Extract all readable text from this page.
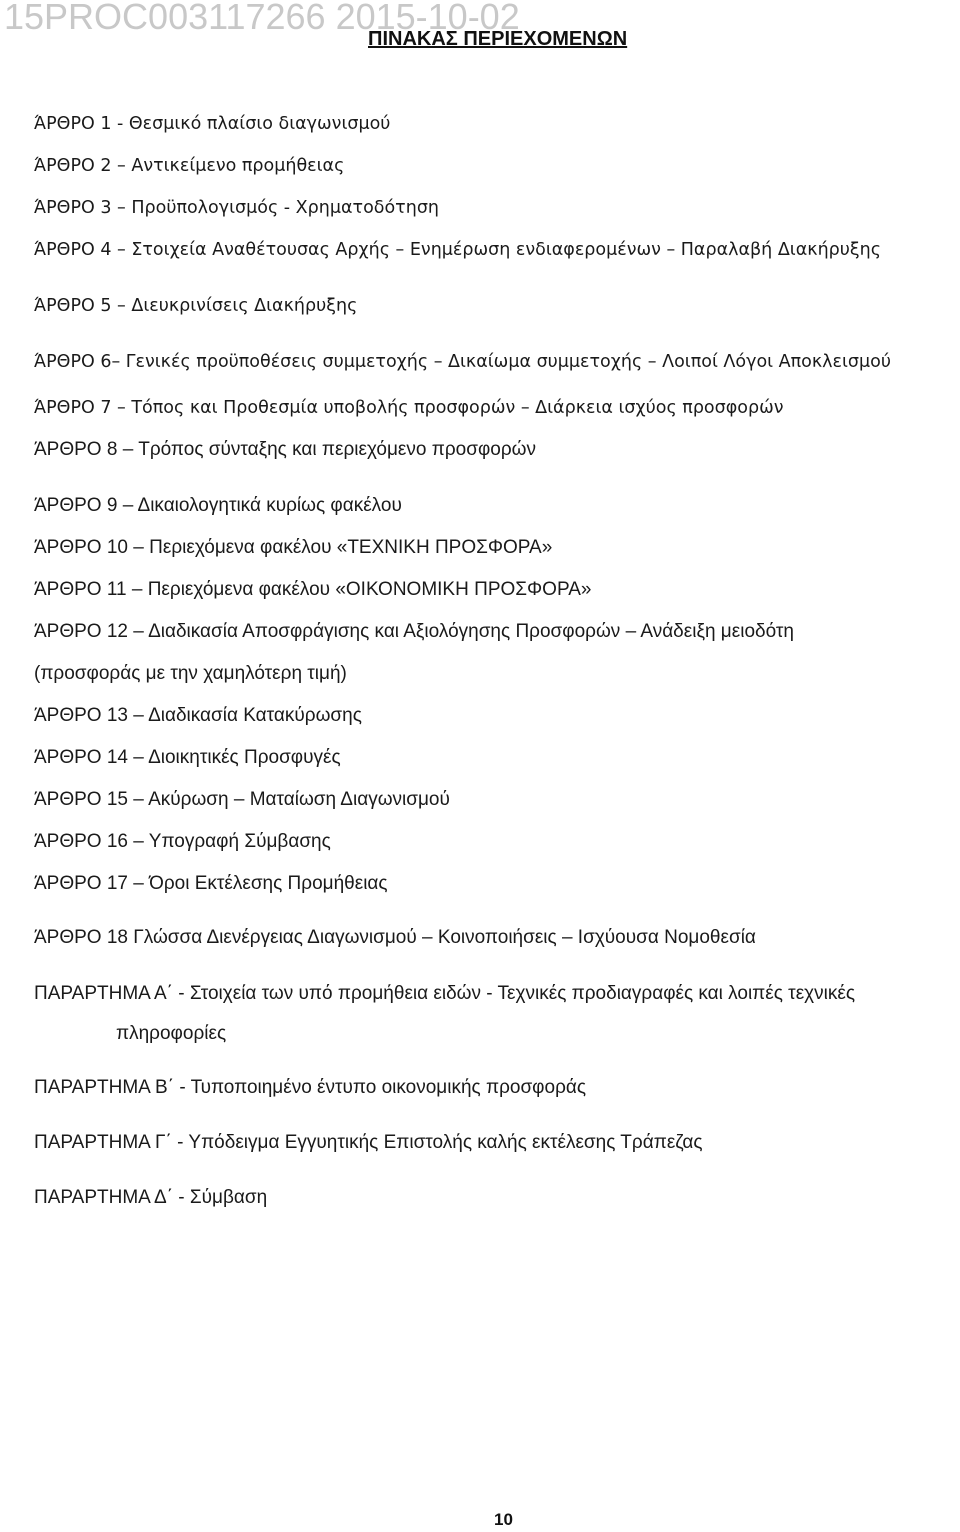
15PROC003117266 2015-10-02
ΠΙΝΑΚΑΣ ΠΕΡΙΕΧΟΜΕΝΩΝ
ΆΡΘΡΟ 1 - Θεσμικό πλαίσιο διαγωνισμού
ΆΡΘΡΟ 2 – Αντικείμενο προμήθειας
ΆΡΘΡΟ 3 – Προϋπολογισμός - Χρηματοδότηση
ΆΡΘΡΟ 4 – Στοιχεία Αναθέτουσας Αρχής – Ενημέρωση ενδιαφερομένων – Παραλαβή Διακήρυξης
ΆΡΘΡΟ 5 – Διευκρινίσεις Διακήρυξης
ΆΡΘΡΟ 6– Γενικές προϋποθέσεις συμμετοχής – Δικαίωμα συμμετοχής – Λοιποί Λόγοι Αποκλεισμού
ΆΡΘΡΟ 7 – Τόπος και Προθεσμία υποβολής προσφορών – Διάρκεια ισχύος προσφορών
ΆΡΘΡΟ 8 – Τρόπος σύνταξης και περιεχόμενο προσφορών
ΆΡΘΡΟ 9 – Δικαιολογητικά κυρίως φακέλου
ΆΡΘΡΟ 10 – Περιεχόμενα φακέλου «ΤΕΧΝΙΚΗ ΠΡΟΣΦΟΡΑ»
ΆΡΘΡΟ 11 – Περιεχόμενα φακέλου «ΟΙΚΟΝΟΜΙΚΗ ΠΡΟΣΦΟΡΑ»
ΆΡΘΡΟ 12 – Διαδικασία Αποσφράγισης και Αξιολόγησης Προσφορών – Ανάδειξη μειοδότη
(προσφοράς με την χαμηλότερη τιμή)
ΆΡΘΡΟ 13 – Διαδικασία Κατακύρωσης
ΆΡΘΡΟ 14 – Διοικητικές Προσφυγές
ΆΡΘΡΟ 15 – Ακύρωση – Ματαίωση Διαγωνισμού
ΆΡΘΡΟ 16 – Υπογραφή Σύμβασης
ΆΡΘΡΟ 17 – Όροι Εκτέλεσης Προμήθειας
ΆΡΘΡΟ 18 Γλώσσα Διενέργειας Διαγωνισμού – Κοινοποιήσεις – Ισχύουσα Νομοθεσία
ΠΑΡΑΡΤΗΜΑ Α΄ - Στοιχεία των υπό προμήθεια ειδών - Τεχνικές προδιαγραφές και λοιπές τεχνικές
πληροφορίες
ΠΑΡΑΡΤΗΜΑ Β΄ - Τυποποιημένο έντυπο οικονομικής προσφοράς
ΠΑΡΑΡΤΗΜΑ Γ΄ - Υπόδειγμα Εγγυητικής Επιστολής καλής εκτέλεσης Τράπεζας
ΠΑΡΑΡΤΗΜΑ Δ΄ - Σύμβαση
10
